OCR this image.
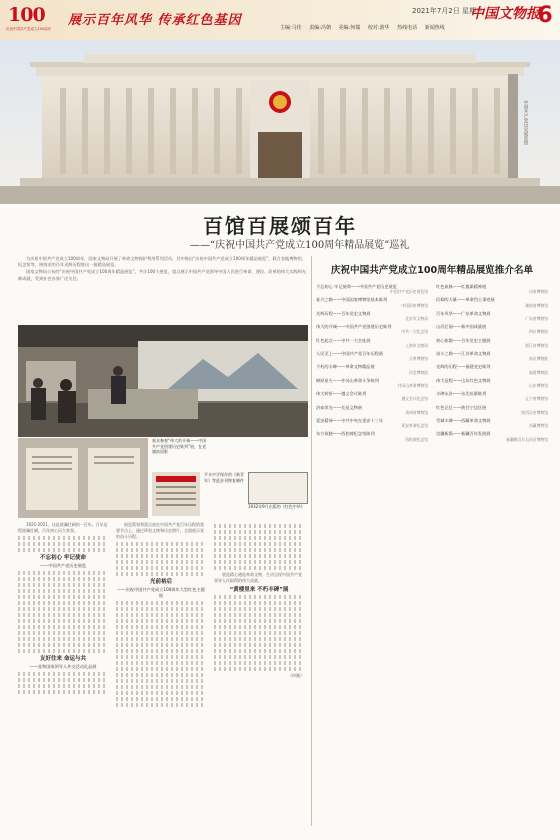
100
庆祝中国共产党成立100周年
展示百年风华 传承红色基因
2021年7月2日 星期五
中国文物报
6
主编:马佳 责编:冯朝 美编:何瑞 校对:游华 热线电话 新闻热线
中国共产党历史展览馆
百馆百展颂百年
——“庆祝中国共产党成立100周年精品展览”巡礼

为庆祝中国共产党成立100周年，国家文物局开展了革命文物保护利用系列活动，其中推出“庆祝中国共产党成立100周年精品展览”，联合各地博物馆、纪念馆等，围绕党的百年光辉历程推出一批精品展览。

国家文物局公布的“庆祝中国共产党成立100周年精品展览”，共计100个展览，重点展示中国共产党领导中国人民进行革命、建设、改革的伟大实践和光辉成就，受到社会各界广泛关注。

观众参观“伟大的开端——中国共产党创建历史陈列”展，在党旗前留影
平水中学保存的《新青年》等进步刊物复制件
1932年9月出版的《红色中华》

1921-2021，这是波澜壮阔的一百年。百年征程波澜壮阔，百年初心历久弥坚。

不忘初心 牢记使命

——中国共产党历史展览

友好往来 命运与共

——党和国家领导人外交活动礼品展

展览策划将重点放在中国共产党百年历程的重要节点上，通过珍贵文物和历史照片，全面展示党的奋斗历程。

光前裕后

——庆祝中国共产党成立100周年大型红色主题展

展览精心遴选革命文物，生动呈现中国共产党领导人民取得的伟大成就。

“黄楼里来 不朽丰碑”展

（何薇）

庆祝中国共产党成立100周年精品展览推介名单
不忘初心 牢记使命——中国共产党历史展览
中国共产党历史展览馆
复兴之路——中国国家博物馆基本陈列
中国国家博物馆
光辉历程——百年党史文物展
北京市文物局
伟大的开端——中国共产党创建历史陈列
中共一大纪念馆
红色起点——中共一大会址展
上海市文物局
人民至上——中国共产党百年历程展
天津博物馆
不朽的丰碑——革命文物精品展
河北博物院
燎原星火——井冈山革命斗争陈列
井冈山革命博物馆
伟大转折——遵义会议陈列
遵义会议纪念馆
浴血荣光——长征文物展
贵州省博物馆
延安精神——中共中央在延安十三年
延安革命纪念馆
东方欲晓——西柏坡纪念馆陈列
西柏坡纪念馆
红色血脉——红旗渠精神展
河南博物院
信仰的力量——革命烈士事迹展
湖南省博物馆
百年风华——广东革命文物展
广东省博物馆
山河壮丽——新中国成就展
四川博物院
初心如磐——百年党史主题展
浙江省博物馆
奋斗之路——江苏革命文物展
南京博物院
光辉的历程——福建党史陈列
福建博物院
伟大征程——山东红色文物展
山东博物馆
丰碑永驻——东北抗联陈列
辽宁省博物馆
红色记忆——陕甘宁边区展
陕西历史博物馆
雪域丰碑——西藏革命文物展
西藏博物馆
边疆新篇——新疆百年发展展
新疆维吾尔自治区博物馆
